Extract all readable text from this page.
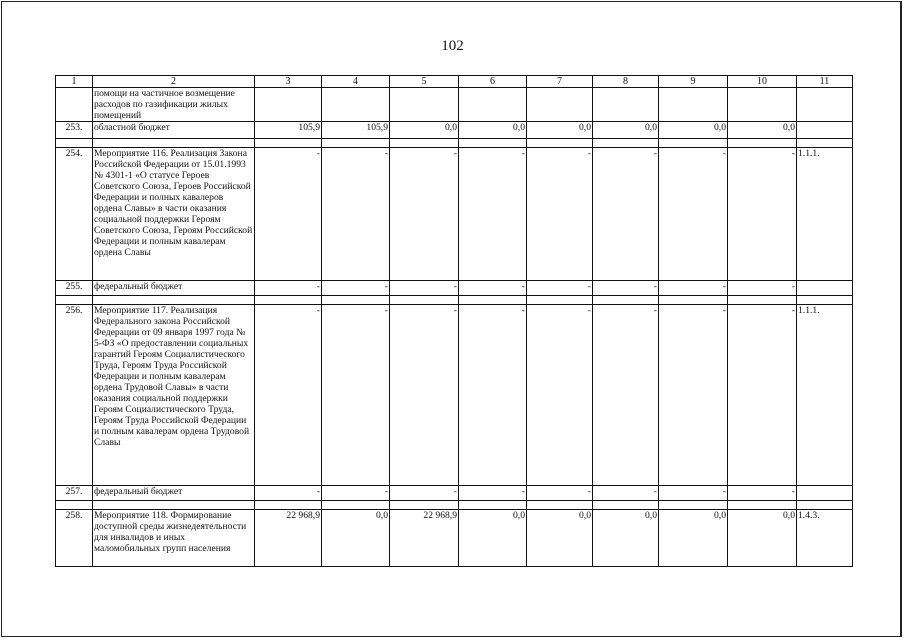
102
1	2	3	4	5	6	7	8	9	10	11
	помощи на частичное возмещение расходов по газификации жилых помещений									
253.	областной бюджет	105,9	105,9	0,0	0,0	0,0	0,0	0,0	0,0	

254.	Мероприятие 116. Реализация Закона Российской Федерации от 15.01.1993 № 4301-1 «О статусе Героев Советского Союза, Героев Российской Федерации и полных кавалеров ордена Славы» в части оказания социальной поддержки Героям Советского Союза, Героям Российской Федерации и полным кавалерам ордена Славы	-	-	-	-	-	-	-	-	1.1.1.
255.	федеральный бюджет	-	-	-	-	-	-	-	-	

256.	Мероприятие 117. Реализация Федерального закона Российской Федерации от 09 января 1997 года № 5-ФЗ «О предоставлении социальных гарантий Героям Социалистического Труда, Героям Труда Российской Федерации и полным кавалерам ордена Трудовой Славы» в части оказания социальной поддержки Героям Социалистического Труда, Героям Труда Российской Федерации и полным кавалерам ордена Трудовой Славы	-	-	-	-	-	-	-	-	1.1.1.
257.	федеральный бюджет	-	-	-	-	-	-	-	-	

258.	Мероприятие 118. Формирование доступной среды жизнедеятельности для инвалидов и иных маломобильных групп населения	22 968,9	0,0	22 968,9	0,0	0,0	0,0	0,0	0,0	1.4.3.
